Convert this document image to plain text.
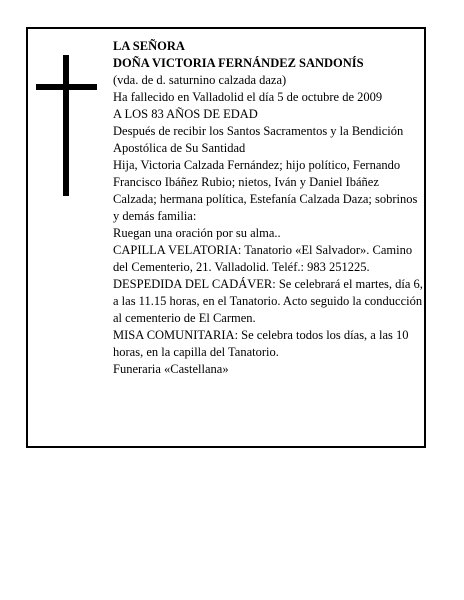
LA SEÑORA

DOÑA VICTORIA FERNÁNDEZ SANDONÍS

(vda. de d. saturnino calzada daza)

Ha fallecido en Valladolid el día 5 de octubre de 2009

A LOS 83 AÑOS DE EDAD

Después de recibir los Santos Sacramentos y la Bendición Apostólica de Su Santidad

Hija, Victoria Calzada Fernández; hijo político, Fernando Francisco Ibáñez Rubio; nietos, Iván y Daniel Ibáñez Calzada; hermana política, Estefanía Calzada Daza; sobrinos y demás familia:

Ruegan una oración por su alma..

CAPILLA VELATORIA: Tanatorio «El Salvador». Camino del Cementerio, 21. Valladolid. Teléf.: 983 251225.

DESPEDIDA DEL CADÁVER: Se celebrará el martes, día 6, a las 11.15 horas, en el Tanatorio. Acto seguido la conducción al cementerio de El Carmen.

MISA COMUNITARIA: Se celebra todos los días, a las 10 horas, en la capilla del Tanatorio.

Funeraria «Castellana»
